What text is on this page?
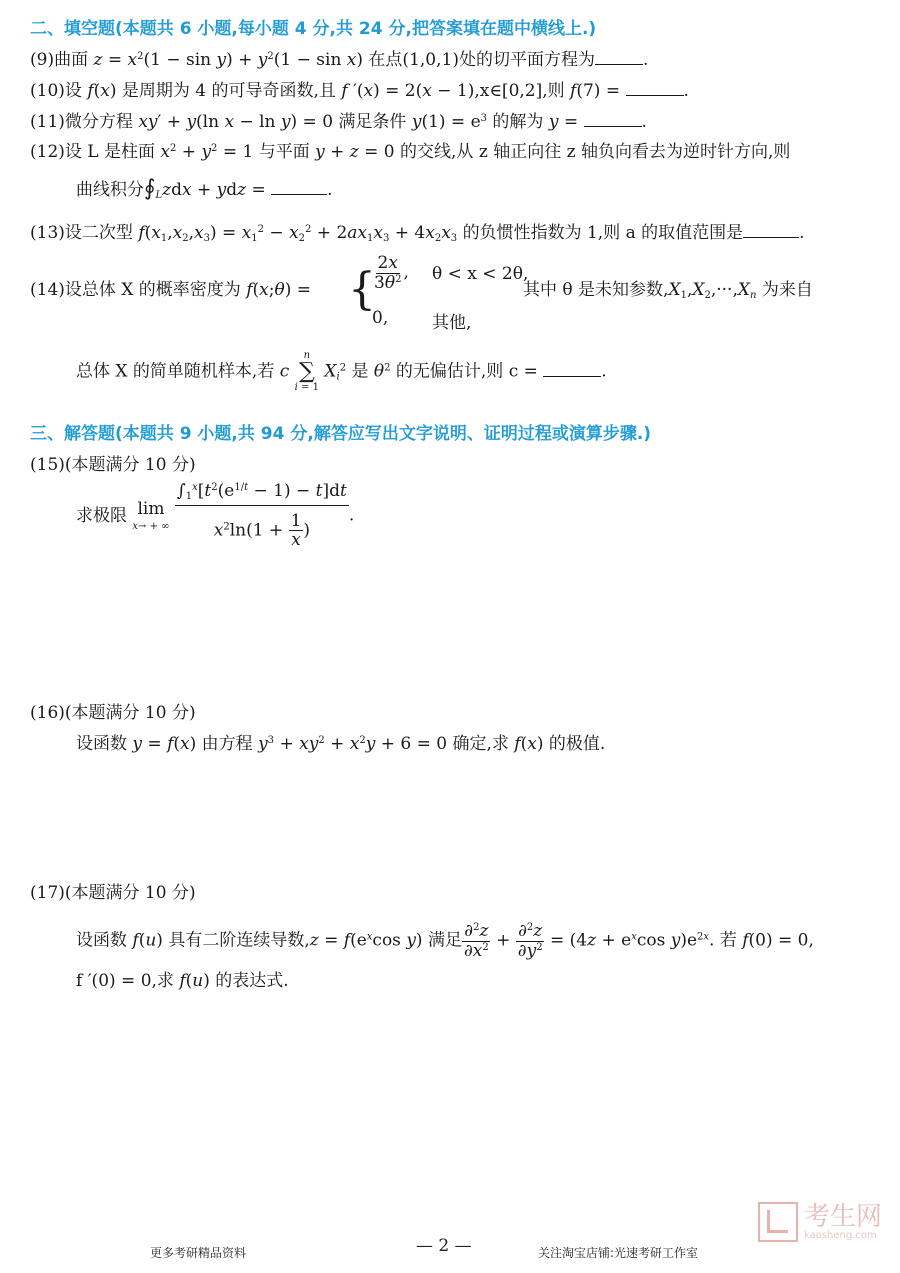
二、填空题(本题共 6 小题,每小题 4 分,共 24 分,把答案填在题中横线上.)
(9)曲面 $z = x^2(1 - \sin y) + y^2(1 - \sin x)$ 在点(1,0,1)处的切平面方程为	.
(10)设 f(x) 是周期为 4 的可导奇函数,且 f ′(x) = 2(x − 1),x∈[0,2],则 f(7) =	.
(11)微分方程 xy′ + y(ln x − ln y) = 0 满足条件 $y(1) = e^3$ 的解为 y =	.
(12)设 L 是柱面 $x^2 + y^2 = 1$ 与平面 y + z = 0 的交线,从 z 轴正向往 z 轴负向看去为逆时针方向,则
曲线积分$∮_Lzdx$ + ydz =	.
(13)设二次型 $f(x_1,x_2,x_3) = x_1^2 - x_2^2 + 2ax_1x_3 + 4x_2x_3$ 的负惯性指数为 1,则 a 的取值范围是	.
(14)设总体 X 的概率密度为 f(x;θ) = {
$\frac{2x}{3\theta^2}$ , θ < x < 2θ,
0,	其他,
其中 θ 是未知参数$,X_1,X_2,\cdot\cdot\cdot,X_n$ 为来自
总体 X 的简单随机样本,若 c
n
∑
i = 1
$X_i^2$ 是 $\theta^2$ 的无偏估计,则 c =	.
三、解答题(本题共 9 小题,共 94 分,解答应写出文字说明、证明过程或演算步骤.)
(15)(本题满分 10 分)
求极限 lim
x→ + ∞
$\frac{\int_1^x[t^2(e^{1/t} - 1) - t]dt}{x^2\ln(1 + \frac{1}{x} )}$ .
(16)(本题满分 10 分)
设函数 y = f(x) 由方程 $y^3 + xy^2 + x^2y + 6 = 0$ 确定,求 f(x) 的极值.
(17)(本题满分 10 分)
设函数 f(u) 具有二阶连续导数$,z = f(e^x\cos$ y) 满足 $\frac{\partial^2z}{\partial x^2} + \frac{\partial^2z}{\partial y^2} = (4z + e^x\cos$ $y)e^{2x}$. 若 f(0) = 0,
f ′(0) = 0,求 f(u) 的表达式.
考生网
kaosheng.com
更多考研精品资料	— 2 —	关注淘宝店铺:光速考研工作室
